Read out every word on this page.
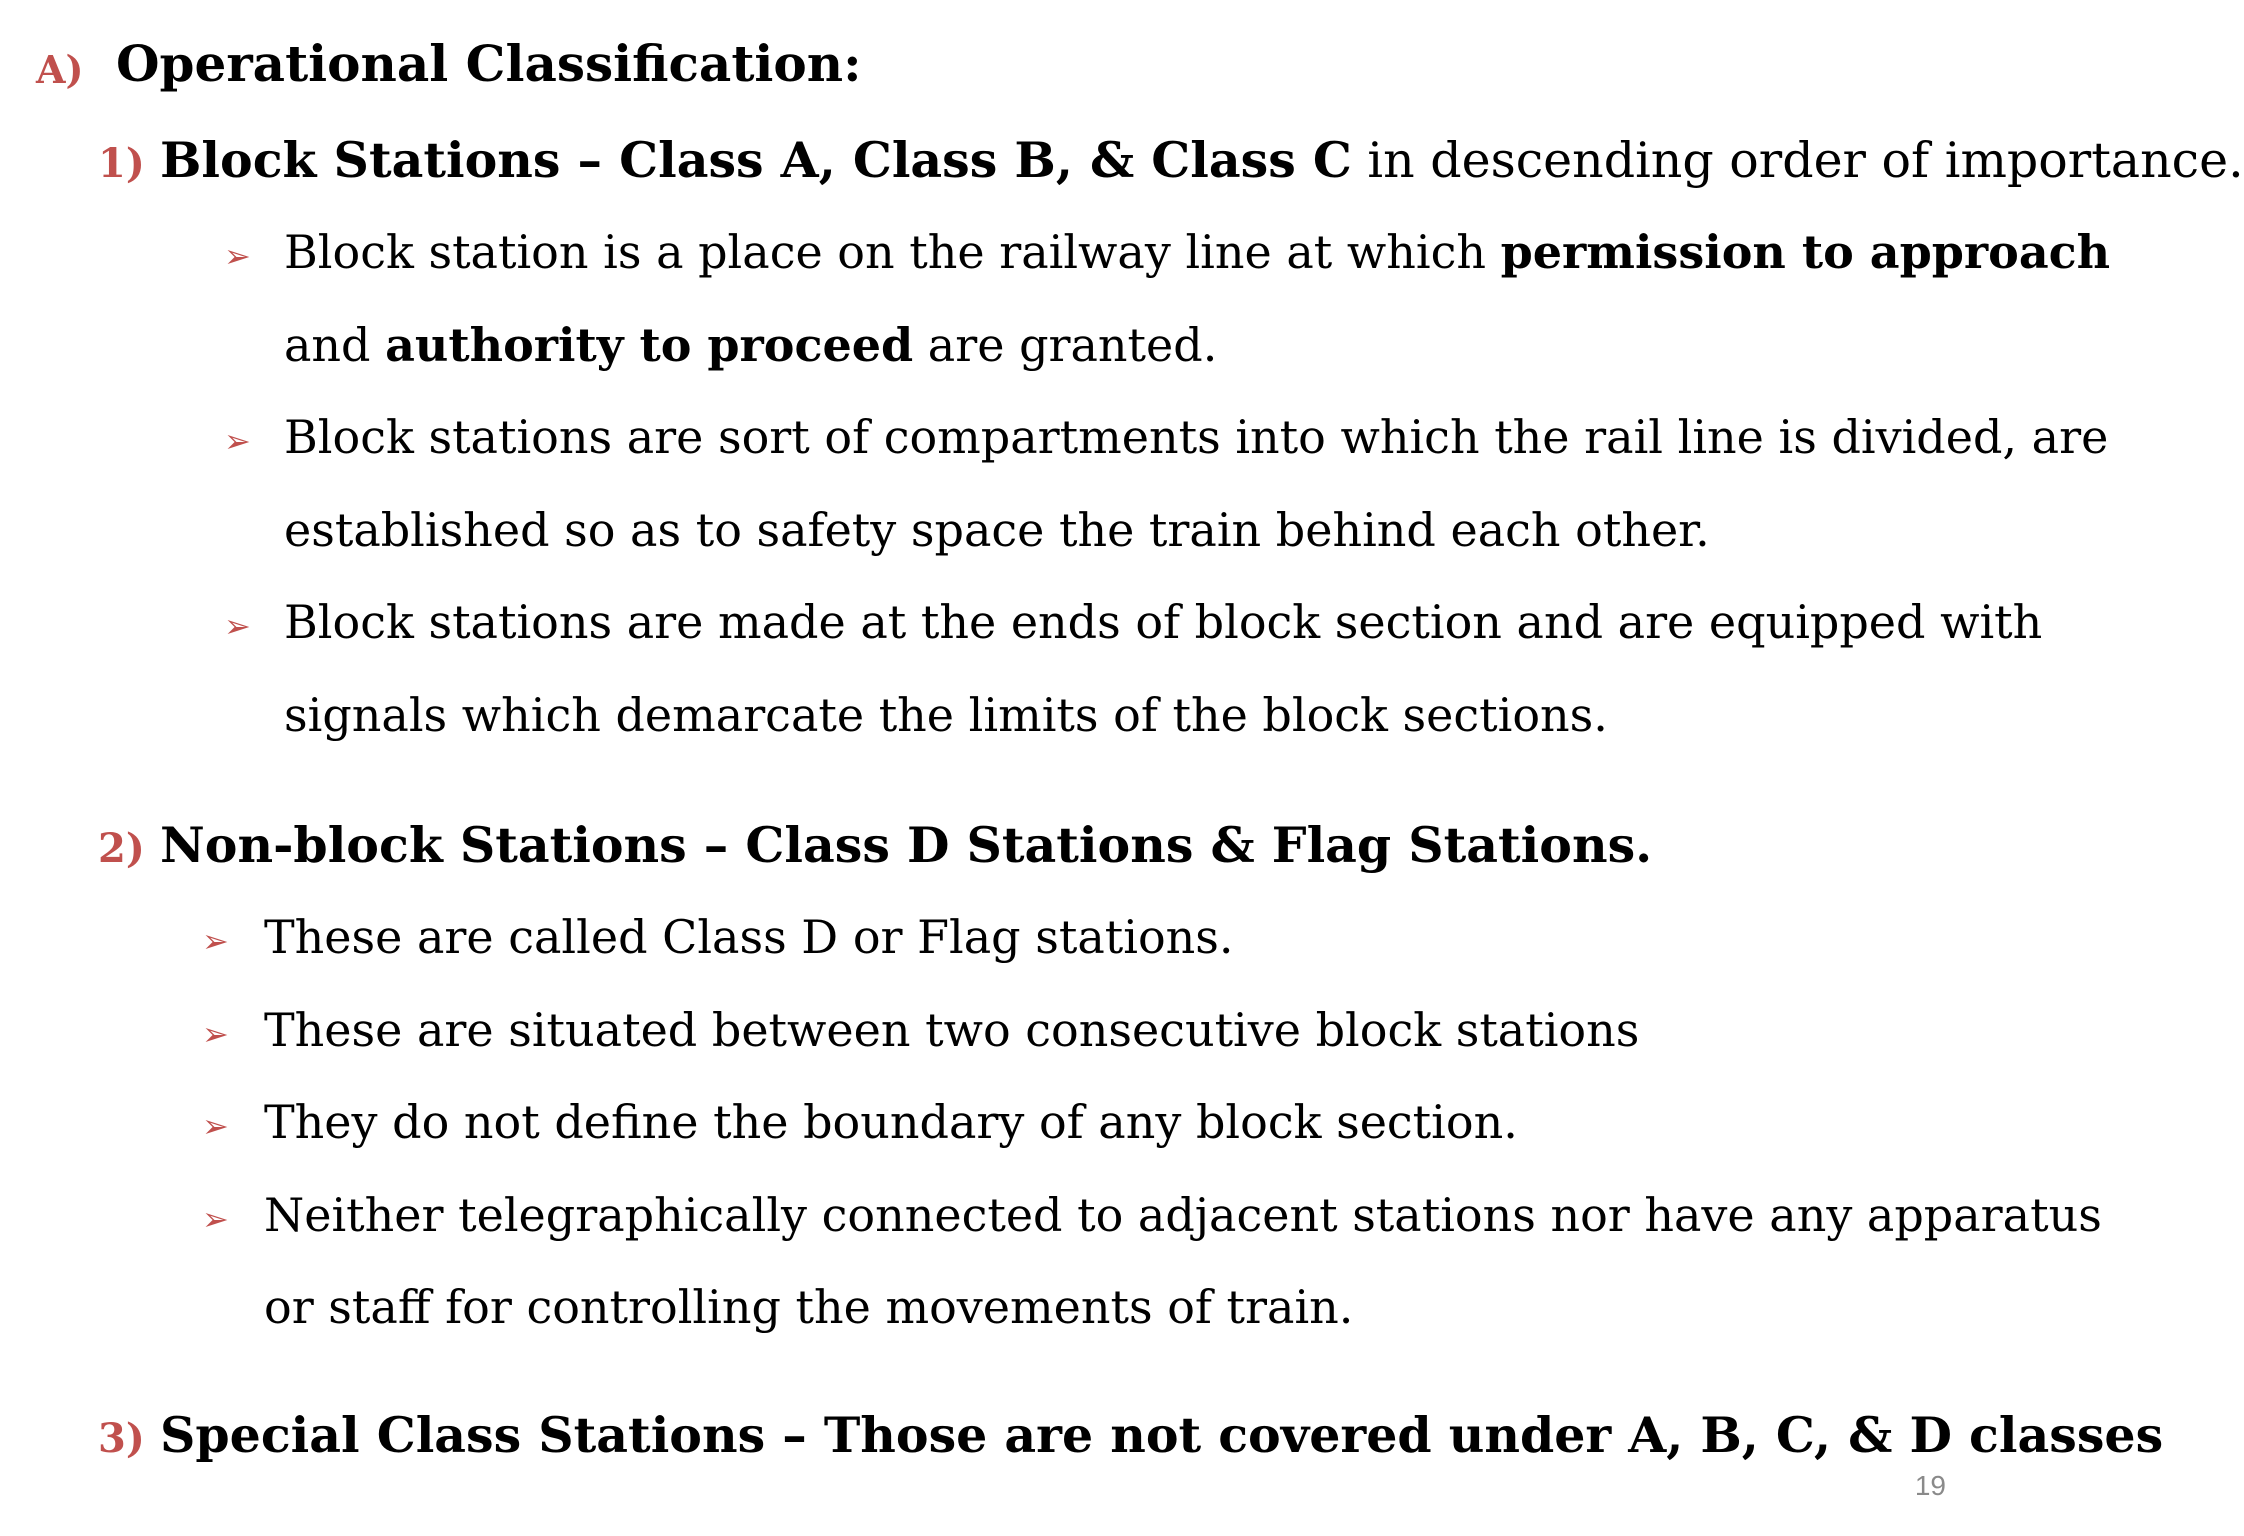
A) Operational Classification:
1) Block Stations – Class A, Class B, & Class C in descending order of importance.
➢ Block station is a place on the railway line at which permission to approach
and authority to proceed are granted.
➢ Block stations are sort of compartments into which the rail line is divided, are
established so as to safety space the train behind each other.
➢ Block stations are made at the ends of block section and are equipped with
signals which demarcate the limits of the block sections.
2) Non-block Stations – Class D Stations & Flag Stations.
➢ These are called Class D or Flag stations.
➢ These are situated between two consecutive block stations
➢ They do not define the boundary of any block section.
➢ Neither telegraphically connected to adjacent stations nor have any apparatus
or staff for controlling the movements of train.
3) Special Class Stations – Those are not covered under A, B, C, & D classes
19
